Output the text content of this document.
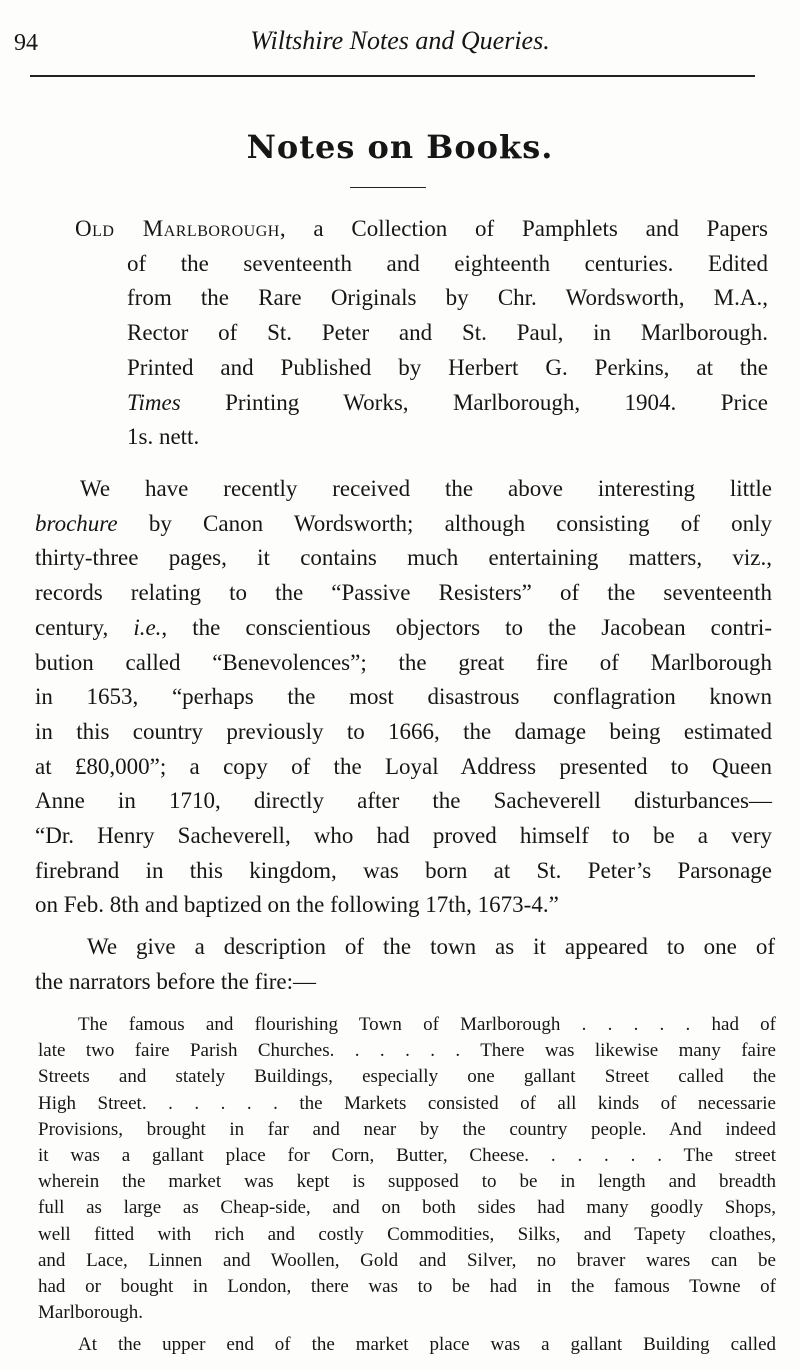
94	Wiltshire Notes and Queries.
Notes on Books.
Old Marlborough, a Collection of Pamphlets and Papers
of the seventeenth and eighteenth centuries. Edited
from the Rare Originals by Chr. Wordsworth, M.A.,
Rector of St. Peter and St. Paul, in Marlborough.
Printed and Published by Herbert G. Perkins, at the
Times Printing Works, Marlborough, 1904. Price
1s. nett.
We have recently received the above interesting little
brochure by Canon Wordsworth; although consisting of only
thirty-three pages, it contains much entertaining matters, viz.,
records relating to the “Passive Resisters” of the seventeenth
century, i.e., the conscientious objectors to the Jacobean contri-
bution called “Benevolences”; the great fire of Marlborough
in 1653, “perhaps the most disastrous conflagration known
in this country previously to 1666, the damage being estimated
at £80,000”; a copy of the Loyal Address presented to Queen
Anne in 1710, directly after the Sacheverell disturbances—
“Dr. Henry Sacheverell, who had proved himself to be a very
firebrand in this kingdom, was born at St. Peter’s Parsonage
on Feb. 8th and baptized on the following 17th, 1673-4.”
We give a description of the town as it appeared to one of
the narrators before the fire:—
The famous and flourishing Town of Marlborough . . . . . had of
late two faire Parish Churches. . . . . . There was likewise many faire
Streets and stately Buildings, especially one gallant Street called the
High Street. . . . . . the Markets consisted of all kinds of necessarie
Provisions, brought in far and near by the country people. And indeed
it was a gallant place for Corn, Butter, Cheese. . . . . . The street
wherein the market was kept is supposed to be in length and breadth
full as large as Cheap-side, and on both sides had many goodly Shops,
well fitted with rich and costly Commodities, Silks, and Tapety cloathes,
and Lace, Linnen and Woollen, Gold and Silver, no braver wares can be
had or bought in London, there was to be had in the famous Towne of
Marlborough.
At the upper end of the market place was a gallant Building called
